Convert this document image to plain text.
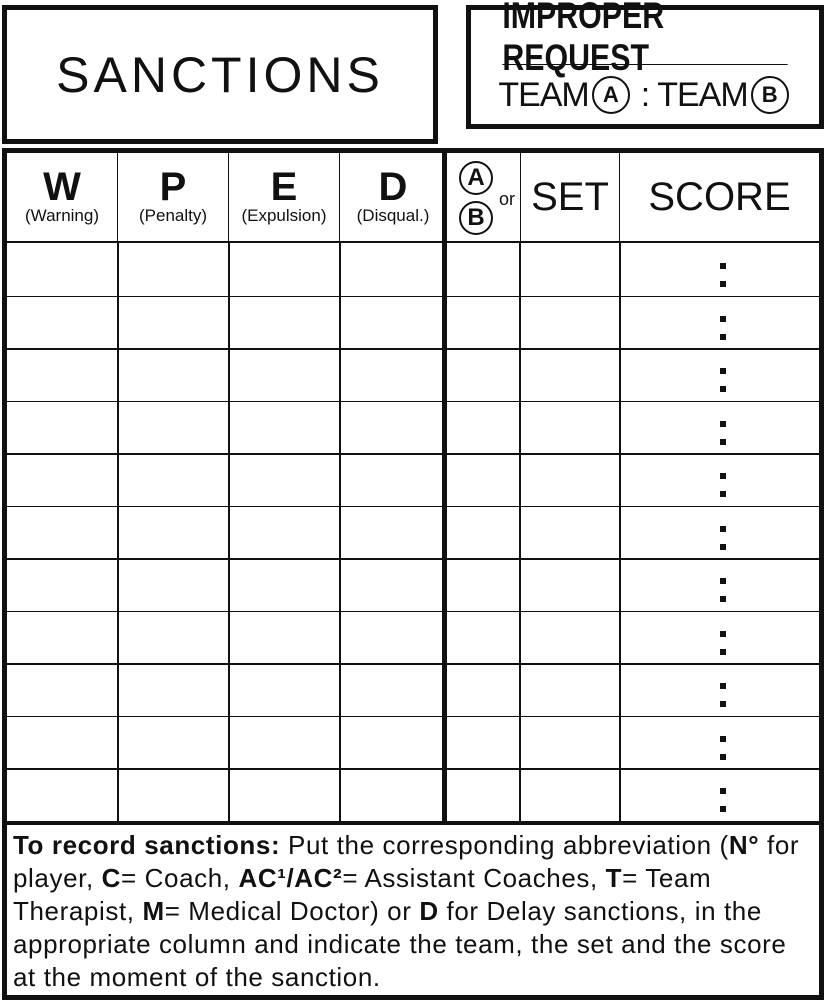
SANCTIONS
IMPROPER REQUEST
TEAM A : TEAM B
W
(Warning)
P
(Penalty)
E
(Expulsion)
D
(Disqual.)
A
or
B SET SCORE
To record sanctions: Put the corresponding abbreviation (N° for player, C= Coach, AC¹/AC²= Assistant Coaches, T= Team Therapist, M= Medical Doctor) or D for Delay sanctions, in the appropriate column and indicate the team, the set and the score at the moment of the sanction.
